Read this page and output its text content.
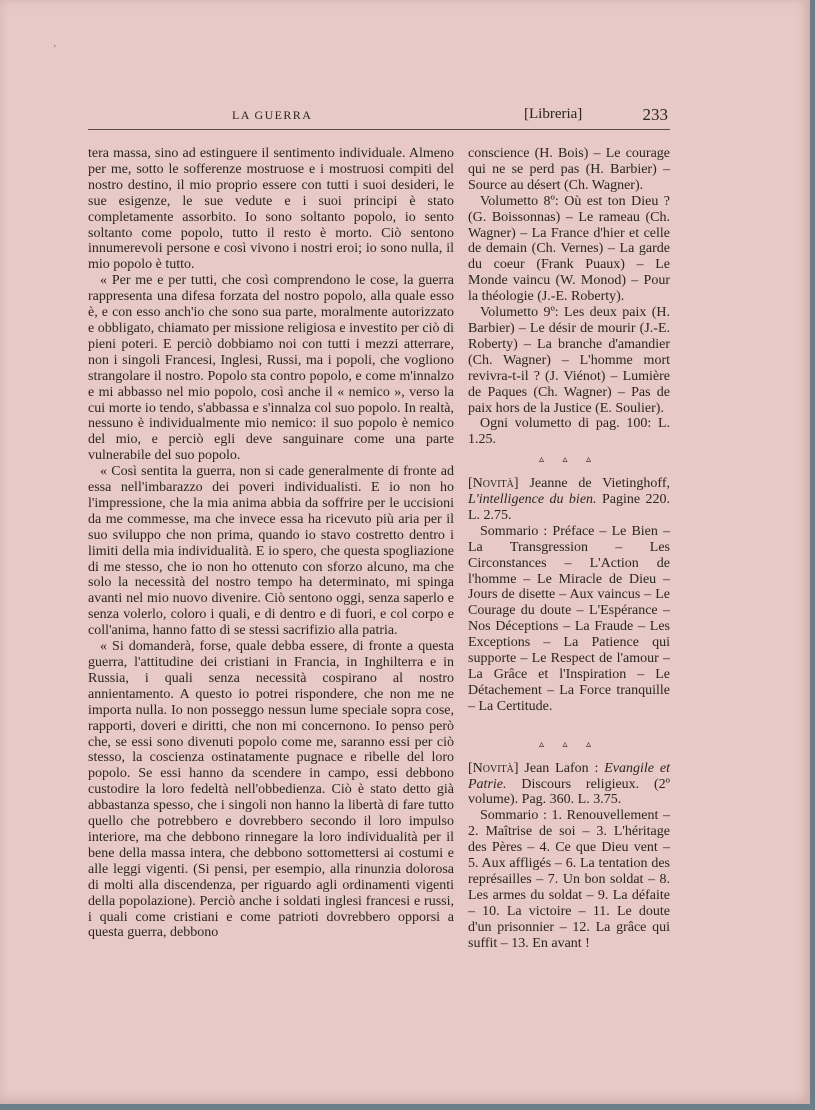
'
LA GUERRA	[Libreria]	233

tera massa, sino ad estinguere il sentimento individuale. Almeno per me, sotto le sofferenze mostruose e i mostruosi compiti del nostro destino, il mio proprio essere con tutti i suoi desideri, le sue esigenze, le sue vedute e i suoi principi è stato completamente assorbito. Io sono soltanto popolo, io sento soltanto come popolo, tutto il resto è morto. Ciò sentono innumerevoli persone e così vivono i nostri eroi; io sono nulla, il mio popolo è tutto.

« Per me e per tutti, che così comprendono le cose, la guerra rappresenta una difesa forzata del nostro popolo, alla quale esso è, e con esso anch'io che sono sua parte, moralmente autorizzato e obbligato, chiamato per missione religiosa e investito per ciò di pieni poteri. E perciò dobbiamo noi con tutti i mezzi atterrare, non i singoli Francesi, Inglesi, Russi, ma i popoli, che vogliono strangolare il nostro. Popolo sta contro popolo, e come m'innalzo e mi abbasso nel mio popolo, così anche il « nemico », verso la cui morte io tendo, s'abbassa e s'innalza col suo popolo. In realtà, nessuno è individualmente mio nemico: il suo popolo è nemico del mio, e perciò egli deve sanguinare come una parte vulnerabile del suo popolo.

« Così sentita la guerra, non si cade generalmente di fronte ad essa nell'imbarazzo dei poveri individualisti. E io non ho l'impressione, che la mia anima abbia da soffrire per le uccisioni da me commesse, ma che invece essa ha ricevuto più aria per il suo sviluppo che non prima, quando io stavo costretto dentro i limiti della mia individualità. E io spero, che questa spogliazione di me stesso, che io non ho ottenuto con sforzo alcuno, ma che solo la necessità del nostro tempo ha determinato, mi spinga avanti nel mio nuovo divenire. Ciò sentono oggi, senza saperlo e senza volerlo, coloro i quali, e di dentro e di fuori, e col corpo e coll'anima, hanno fatto di se stessi sacrifizio alla patria.

« Si domanderà, forse, quale debba essere, di fronte a questa guerra, l'attitudine dei cristiani in Francia, in Inghilterra e in Russia, i quali senza necessità cospirano al nostro annientamento. A questo io potrei rispondere, che non me ne importa nulla. Io non posseggo nessun lume speciale sopra cose, rapporti, doveri e diritti, che non mi concernono. Io penso però che, se essi sono divenuti popolo come me, saranno essi per ciò stesso, la coscienza ostinatamente pugnace e ribelle del loro popolo. Se essi hanno da scendere in campo, essi debbono custodire la loro fedeltà nell'obbedienza. Ciò è stato detto già abbastanza spesso, che i singoli non hanno la libertà di fare tutto quello che potrebbero e dovrebbero secondo il loro impulso interiore, ma che debbono rinnegare la loro individualità per il bene della massa intera, che debbono sottomettersi ai costumi e alle leggi vigenti. (Si pensi, per esempio, alla rinunzia dolorosa di molti alla discendenza, per riguardo agli ordinamenti vigenti della popolazione). Perciò anche i soldati inglesi francesi e russi, i quali come cristiani e come patrioti dovrebbero opporsi a questa guerra, debbono

conscience (H. Bois) – Le courage qui ne se perd pas (H. Barbier) – Source au désert (Ch. Wagner).

Volumetto 8º: Où est ton Dieu ? (G. Boissonnas) – Le rameau (Ch. Wagner) – La France d'hier et celle de demain (Ch. Vernes) – La garde du coeur (Frank Puaux) – Le Monde vaincu (W. Monod) – Pour la théologie (J.-E. Roberty).

Volumetto 9º: Les deux paix (H. Barbier) – Le désir de mourir (J.-E. Roberty) – La branche d'amandier (Ch. Wagner) – L'homme mort revivra-t-il ? (J. Viénot) – Lumière de Paques (Ch. Wagner) – Pas de paix hors de la Justice (E. Soulier).

Ogni volumetto di pag. 100: L. 1.25.

▵ ▵ ▵

[Novità] Jeanne de Vietinghoff, L'intelligence du bien. Pagine 220. L. 2.75.

Sommario : Préface – Le Bien – La Transgression – Les Circonstances – L'Action de l'homme – Le Miracle de Dieu – Jours de disette – Aux vaincus – Le Courage du doute – L'Espérance – Nos Déceptions – La Fraude – Les Exceptions – La Patience qui supporte – Le Respect de l'amour – La Grâce et l'Inspiration – Le Détachement – La Force tranquille – La Certitude.

▵ ▵ ▵

[Novità] Jean Lafon : Evangile et Patrie. Discours religieux. (2º volume). Pag. 360. L. 3.75.

Sommario : 1. Renouvellement – 2. Maîtrise de soi – 3. L'héritage des Pères – 4. Ce que Dieu vent – 5. Aux affligés – 6. La tentation des représailles – 7. Un bon soldat – 8. Les armes du soldat – 9. La défaite – 10. La victoire – 11. Le doute d'un prisonnier – 12. La grâce qui suffit – 13. En avant !
